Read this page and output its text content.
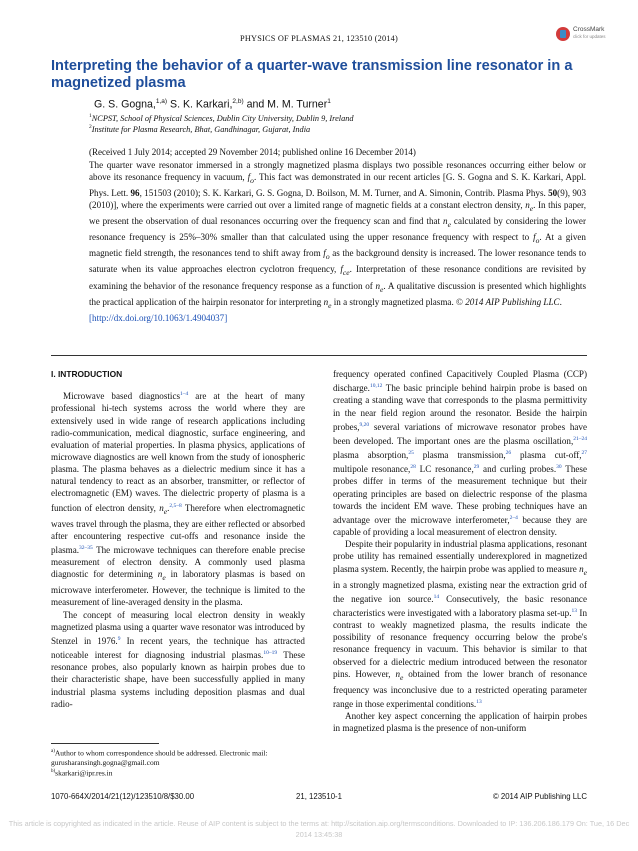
PHYSICS OF PLASMAS 21, 123510 (2014)
CrossMark
click for updates
Interpreting the behavior of a quarter-wave transmission line resonator in a magnetized plasma
G. S. Gogna,$^{1,a)}$ S. K. Karkari,$^{2,b)}$ and M. M. Turner$^1$
$^1$NCPST, School of Physical Sciences, Dublin City University, Dublin 9, Ireland
$^2$Institute for Plasma Research, Bhat, Gandhinagar, Gujarat, India
(Received 1 July 2014; accepted 29 November 2014; published online 16 December 2014)

The quarter wave resonator immersed in a strongly magnetized plasma displays two possible resonances occurring either below or above its resonance frequency in vacuum, $f_o$. This fact was demonstrated in our recent articles [G. S. Gogna and S. K. Karkari, Appl. Phys. Lett. 96, 151503 (2010); S. K. Karkari, G. S. Gogna, D. Boilson, M. M. Turner, and A. Simonin, Contrib. Plasma Phys. 50(9), 903 (2010)], where the experiments were carried out over a limited range of magnetic fields at a constant electron density, $n_e$. In this paper, we present the observation of dual resonances occurring over the frequency scan and find that $n_e$ calculated by considering the lower resonance frequency is 25%–30% smaller than that calculated using the upper resonance frequency with respect to $f_o$. At a given magnetic field strength, the resonances tend to shift away from $f_o$ as the background density is increased. The lower resonance tends to saturate when its value approaches electron cyclotron frequency, $f_{ce}$. Interpretation of these resonance conditions are revisited by examining the behavior of the resonance frequency response as a function of $n_e$. A qualitative discussion is presented which highlights the practical application of the hairpin resonator for interpreting $n_e$ in a strongly magnetized plasma. © 2014 AIP Publishing LLC.
[http://dx.doi.org/10.1063/1.4904037]

I. INTRODUCTION

Microwave based diagnostics$^{1-4}$ are at the heart of many professional hi-tech systems across the world where they are extensively used in wide range of research applications including radio-communication, medical diagnostic, surface engineering, and evaluation of material properties. In plasma physics, applications of microwave diagnostics are well known from the study of ionospheric plasma. The plasma behaves as a dielectric medium since it has a natural tendency to react as an absorber, transmitter, or reflector of electromagnetic (EM) waves. The dielectric property of plasma is a function of electron density, $n_e.^{2,5-8}$ Therefore when electromagnetic waves travel through the plasma, they are either reflected or absorbed after encountering respective cut-offs and resonance inside the plasma.$^{32-35}$ The microwave techniques can therefore enable precise measurement of electron density. A commonly used plasma diagnostic for determining $n_e$ in laboratory plasmas is based on microwave interferometer. However, the technique is limited to the measurement of line-averaged density in the plasma.

The concept of measuring local electron density in weakly magnetized plasma using a quarter wave resonator was introduced by Stenzel in 1976.$^9$ In recent years, the technique has attracted noticeable interest for diagnosing industrial plasmas.$^{10-19}$ These resonance probes, also popularly known as hairpin probes due to their characteristic shape, have been successfully applied in many industrial plasma systems including deposition plasmas and dual radio-

frequency operated confined Capacitively Coupled Plasma (CCP) discharge.$^{10,12}$ The basic principle behind hairpin probe is based on creating a standing wave that corresponds to the plasma permittivity in the near field region around the resonator. Beside the hairpin probes,$^{9,20}$ several variations of microwave resonator probes have been developed. The important ones are the plasma oscillation,$^{21-24}$ plasma absorption,$^{25}$ plasma transmission,$^{26}$ plasma cut-off,$^{27}$ multipole resonance,$^{28}$ LC resonance,$^{29}$ and curling probes.$^{30}$ These probes differ in terms of the measurement technique but their operating principles are based on dielectric response of the plasma towards the incident EM wave. These probing techniques have an advantage over the microwave interferometer,$^{2-4}$ because they are capable of providing a local measurement of electron density.

Despite their popularity in industrial plasma applications, resonant probe utility has remained essentially underexplored in magnetized plasma system. Recently, the hairpin probe was applied to measure $n_e$ in a strongly magnetized plasma, existing near the extraction grid of the negative ion source.$^{14}$ Consecutively, the basic resonance characteristics were investigated with a laboratory plasma set-up.$^{13}$ In contrast to weakly magnetized plasma, the results indicate the possibility of resonance frequency occurring below the probe's resonance frequency in vacuum. This behavior is similar to that observed for a dielectric medium introduced between the resonator pins. However, $n_e$ obtained from the lower branch of resonance frequency was inconclusive due to a restricted operating parameter range in those experimental conditions.$^{13}$

Another key aspect concerning the application of hairpin probes in magnetized plasma is the presence of non-uniform

$^{a)}$Author to whom correspondence should be addressed. Electronic mail: gurusharansingh.gogna@gmail.com

$^{b)}$skarkari@ipr.res.in

1070-664X/2014/21(12)/123510/8/$30.00	21, 123510-1	© 2014 AIP Publishing LLC
This article is copyrighted as indicated in the article. Reuse of AIP content is subject to the terms at: http://scitation.aip.org/termsconditions. Downloaded to IP: 136.206.186.179 On: Tue, 16 Dec 2014 13:45:38
